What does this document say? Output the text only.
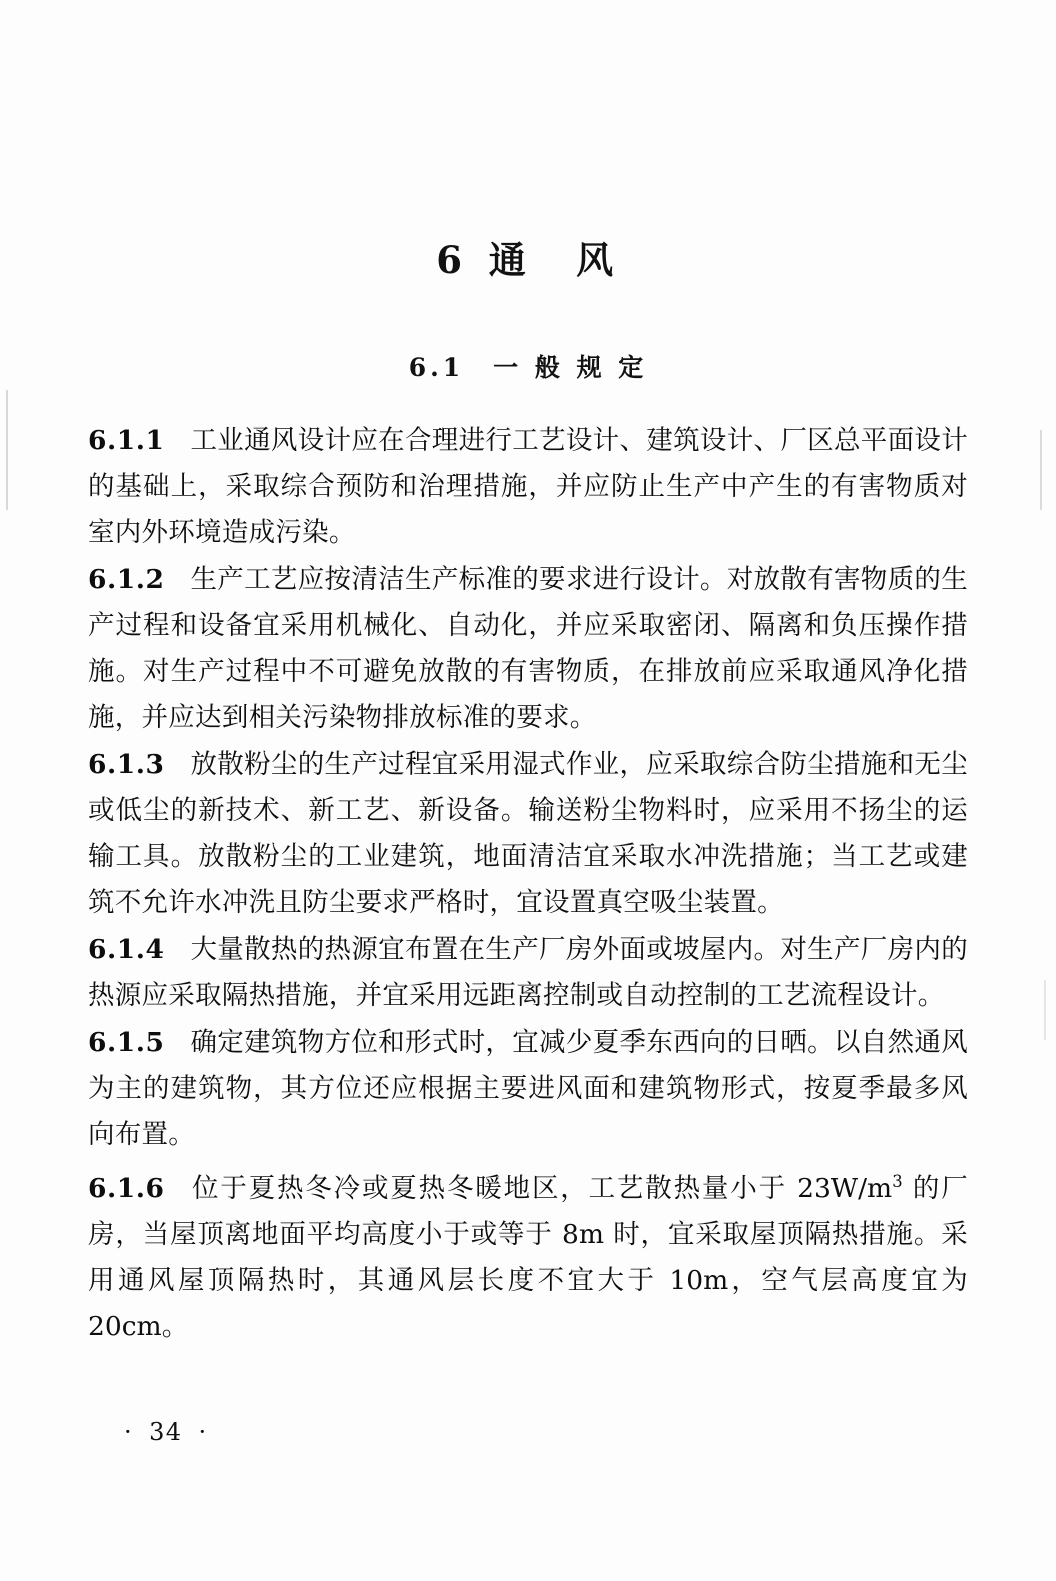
6 通　风
6.1　一 般 规 定

6.1.1 工业通风设计应在合理进行工艺设计、建筑设计、厂区总平面设计的基础上，采取综合预防和治理措施，并应防止生产中产生的有害物质对室内外环境造成污染。

6.1.2 生产工艺应按清洁生产标准的要求进行设计。对放散有害物质的生产过程和设备宜采用机械化、自动化，并应采取密闭、隔离和负压操作措施。对生产过程中不可避免放散的有害物质，在排放前应采取通风净化措施，并应达到相关污染物排放标准的要求。

6.1.3 放散粉尘的生产过程宜采用湿式作业，应采取综合防尘措施和无尘或低尘的新技术、新工艺、新设备。输送粉尘物料时，应采用不扬尘的运输工具。放散粉尘的工业建筑，地面清洁宜采取水冲洗措施；当工艺或建筑不允许水冲洗且防尘要求严格时，宜设置真空吸尘装置。

6.1.4 大量散热的热源宜布置在生产厂房外面或坡屋内。对生产厂房内的热源应采取隔热措施，并宜采用远距离控制或自动控制的工艺流程设计。

6.1.5 确定建筑物方位和形式时，宜减少夏季东西向的日晒。以自然通风为主的建筑物，其方位还应根据主要进风面和建筑物形式，按夏季最多风向布置。

6.1.6 位于夏热冬冷或夏热冬暖地区，工艺散热量小于 $23W/m^3$ 的厂房，当屋顶离地面平均高度小于或等于 8m 时，宜采取屋顶隔热措施。采用通风屋顶隔热时，其通风层长度不宜大于 10m，空气层高度宜为 20cm。

· 34 ·
